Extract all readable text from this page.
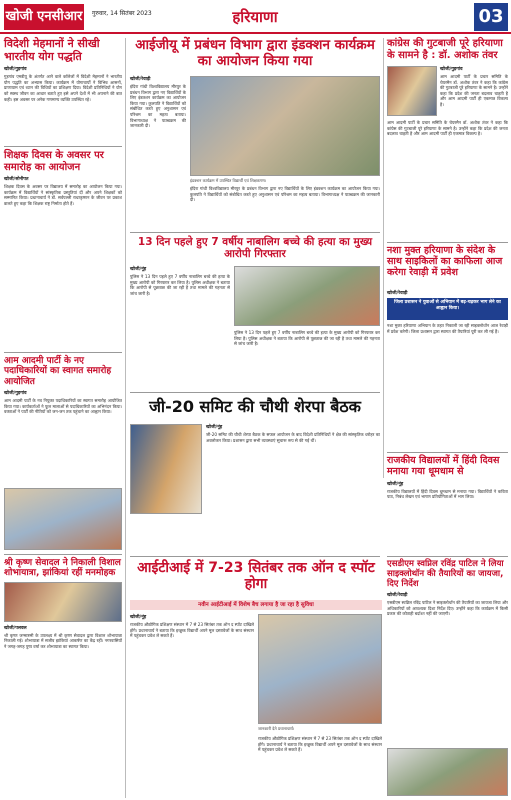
खोजी एनसीआर गुरुवार, 14 सितंबर 2023	हरियाणा	03
विदेशी मेहमानों ने सीखी भारतीय योग पद्धति
खोजी/गुड़गांव
गुड़गांव एमडीयू के अंतर्गत आने वाले कॉलेजों में विदेशी मेहमानों ने भारतीय योग पद्धति का अभ्यास किया। कार्यक्रम में योगाचार्यों ने विभिन्न आसनों, प्राणायाम एवं ध्यान की विधियों का प्रशिक्षण दिया। विदेशी प्रतिनिधियों ने योग को स्वस्थ जीवन का आधार बताते हुए इसे अपने देशों में भी अपनाने की बात कही। इस अवसर पर अनेक गणमान्य व्यक्ति उपस्थित रहे।
शिक्षक दिवस के अवसर पर समारोह का आयोजन
खोजी/सोनीपत
शिक्षक दिवस के अवसर पर विद्यालय में समारोह का आयोजन किया गया। कार्यक्रम में विद्यार्थियों ने सांस्कृतिक प्रस्तुतियां दीं और अपने शिक्षकों को सम्मानित किया। प्रधानाचार्य ने डॉ. सर्वपल्ली राधाकृष्णन के जीवन पर प्रकाश डालते हुए कहा कि शिक्षक राष्ट्र निर्माता होते हैं।
आम आदमी पार्टी के नए पदाधिकारियों का स्वागत समारोह आयोजित
खोजी/गुड़गांव
आम आदमी पार्टी के नव नियुक्त पदाधिकारियों का स्वागत समारोह आयोजित किया गया। कार्यकर्ताओं ने फूल मालाओं से पदाधिकारियों का अभिनंदन किया। वक्ताओं ने पार्टी की नीतियों को जन-जन तक पहुंचाने का आह्वान किया।
श्री कृष्ण सेवादल ने निकाली विशाल शोभायात्रा, झांकियां रहीं मनमोहक
खोजी/पलवल
श्री कृष्ण जन्माष्टमी के उपलक्ष्य में श्री कृष्ण सेवादल द्वारा विशाल शोभायात्रा निकाली गई। शोभायात्रा में सजीव झांकियां आकर्षण का केंद्र रहीं। नगरवासियों ने जगह-जगह पुष्प वर्षा कर शोभायात्रा का स्वागत किया।
आईजीयू में प्रबंधन विभाग द्वारा इंडक्शन कार्यक्रम का आयोजन किया गया
खोजी/रेवाड़ी
इंदिरा गांधी विश्वविद्यालय मीरपुर के प्रबंधन विभाग द्वारा नए विद्यार्थियों के लिए इंडक्शन कार्यक्रम का आयोजन किया गया। कुलपति ने विद्यार्थियों को संबोधित करते हुए अनुशासन एवं परिश्रम का महत्व बताया। विभागाध्यक्ष ने पाठ्यक्रम की जानकारी दी।
इंडक्शन कार्यक्रम में उपस्थित विद्यार्थी एवं शिक्षकगण।
इंदिरा गांधी विश्वविद्यालय मीरपुर के प्रबंधन विभाग द्वारा नए विद्यार्थियों के लिए इंडक्शन कार्यक्रम का आयोजन किया गया। कुलपति ने विद्यार्थियों को संबोधित करते हुए अनुशासन एवं परिश्रम का महत्व बताया। विभागाध्यक्ष ने पाठ्यक्रम की जानकारी दी।
13 दिन पहले हुए 7 वर्षीय नाबालिग बच्चे की हत्या का मुख्य आरोपी गिरफ्तार
खोजी/नूंह
पुलिस ने 13 दिन पहले हुए 7 वर्षीय नाबालिग बच्चे की हत्या के मुख्य आरोपी को गिरफ्तार कर लिया है। पुलिस अधीक्षक ने बताया कि आरोपी से पूछताछ की जा रही है तथा मामले की गहनता से जांच जारी है।
पुलिस ने 13 दिन पहले हुए 7 वर्षीय नाबालिग बच्चे की हत्या के मुख्य आरोपी को गिरफ्तार कर लिया है। पुलिस अधीक्षक ने बताया कि आरोपी से पूछताछ की जा रही है तथा मामले की गहनता से जांच जारी है।
जी-20 समिट की चौथी शेरपा बैठक
खोजी/नूंह
जी-20 समिट की चौथी शेरपा बैठक के सफल आयोजन के बाद विदेशी प्रतिनिधियों ने क्षेत्र की सांस्कृतिक धरोहर का अवलोकन किया। प्रशासन द्वारा सभी व्यवस्थाएं सुचारू रूप से की गई थीं।
आईटीआई में 7-23 सितंबर तक ऑन द स्पॉट होगा
नवीन आईटीआई में विशेष बैच लगाया है जा रहा है सुविधा
खोजी/नूंह
राजकीय औद्योगिक प्रशिक्षण संस्थान में 7 से 23 सितंबर तक ऑन द स्पॉट दाखिले होंगे। प्रधानाचार्य ने बताया कि इच्छुक विद्यार्थी अपने मूल दस्तावेजों के साथ संस्थान में पहुंचकर प्रवेश ले सकते हैं।
जानकारी देते प्रधानाचार्य।
राजकीय औद्योगिक प्रशिक्षण संस्थान में 7 से 23 सितंबर तक ऑन द स्पॉट दाखिले होंगे। प्रधानाचार्य ने बताया कि इच्छुक विद्यार्थी अपने मूल दस्तावेजों के साथ संस्थान में पहुंचकर प्रवेश ले सकते हैं।
कांग्रेस की गुटबाजी पूरे हरियाणा के सामने है : डॉ. अशोक तंवर
खोजी/गुड़गांव
आम आदमी पार्टी के प्रचार समिति के चेयरमैन डॉ. अशोक तंवर ने कहा कि कांग्रेस की गुटबाजी पूरे हरियाणा के सामने है। उन्होंने कहा कि प्रदेश की जनता बदलाव चाहती है और आम आदमी पार्टी ही एकमात्र विकल्प है।
आम आदमी पार्टी के प्रचार समिति के चेयरमैन डॉ. अशोक तंवर ने कहा कि कांग्रेस की गुटबाजी पूरे हरियाणा के सामने है। उन्होंने कहा कि प्रदेश की जनता बदलाव चाहती है और आम आदमी पार्टी ही एकमात्र विकल्प है।
नशा मुक्त हरियाणा के संदेश के साथ साइकिलों का काफिला आज करेगा रेवाड़ी में प्रवेश
खोजी/रेवाड़ी
जिला प्रशासन ने युवाओं से अभियान में बढ़-चढ़कर भाग लेने का आह्वान किया।
नशा मुक्त हरियाणा अभियान के तहत निकाली जा रही साइक्लोथॉन आज रेवाड़ी में प्रवेश करेगी। जिला प्रशासन द्वारा स्वागत की तैयारियां पूरी कर ली गई हैं।
राजकीय विद्यालयों में हिंदी दिवस मनाया गया धूमधाम से
खोजी/नूंह
राजकीय विद्यालयों में हिंदी दिवस धूमधाम से मनाया गया। विद्यार्थियों ने कविता पाठ, निबंध लेखन एवं भाषण प्रतियोगिताओं में भाग लिया।
एसडीएम स्वप्निल रविंद्र पाटिल ने लिया साइक्लोथॉन की तैयारियों का जायजा, दिए निर्देश
खोजी/रेवाड़ी
एसडीएम स्वप्निल रविंद्र पाटिल ने साइक्लोथॉन की तैयारियों का जायजा लिया और अधिकारियों को आवश्यक दिशा निर्देश दिए। उन्होंने कहा कि कार्यक्रम में किसी प्रकार की कोताही बर्दाश्त नहीं की जाएगी।
